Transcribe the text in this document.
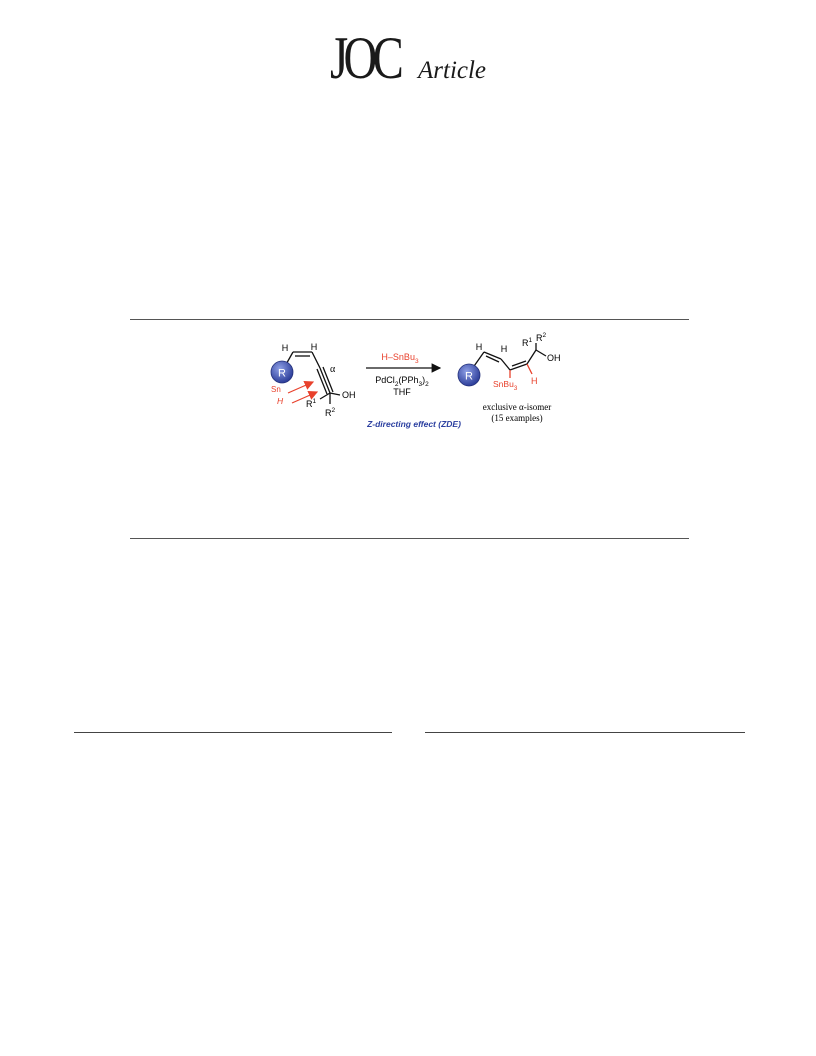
JOC Article
R
H	H
α
Sn
H	$R^1$
$R^2$
OH
H–SnBu$_3$
$PdCl_2(PPh_3)_2$
THF
Z-directing effect (ZDE)
R
H H
$R^1$ $R^2$
OH
SnBu$_3$
H
exclusive α-isomer
(15 examples)
